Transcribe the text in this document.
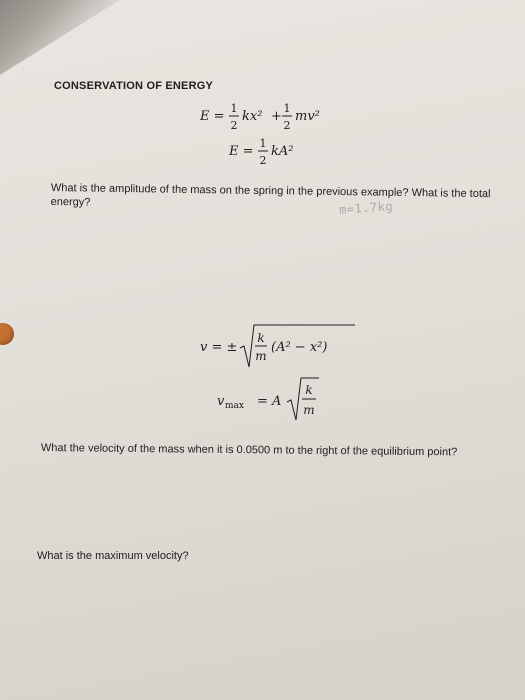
CONSERVATION OF ENERGY
E =
1
2
kx² +
1
2
mv²
E =
1
2
kA²
What is the amplitude of the mass on the spring in the previous example? What is the total energy?	m=1.7kg
v = ±
k
m
(A² − x²)
v max = A
k
m
What the velocity of the mass when it is 0.0500 m to the right of the equilibrium point?
What is the maximum velocity?
